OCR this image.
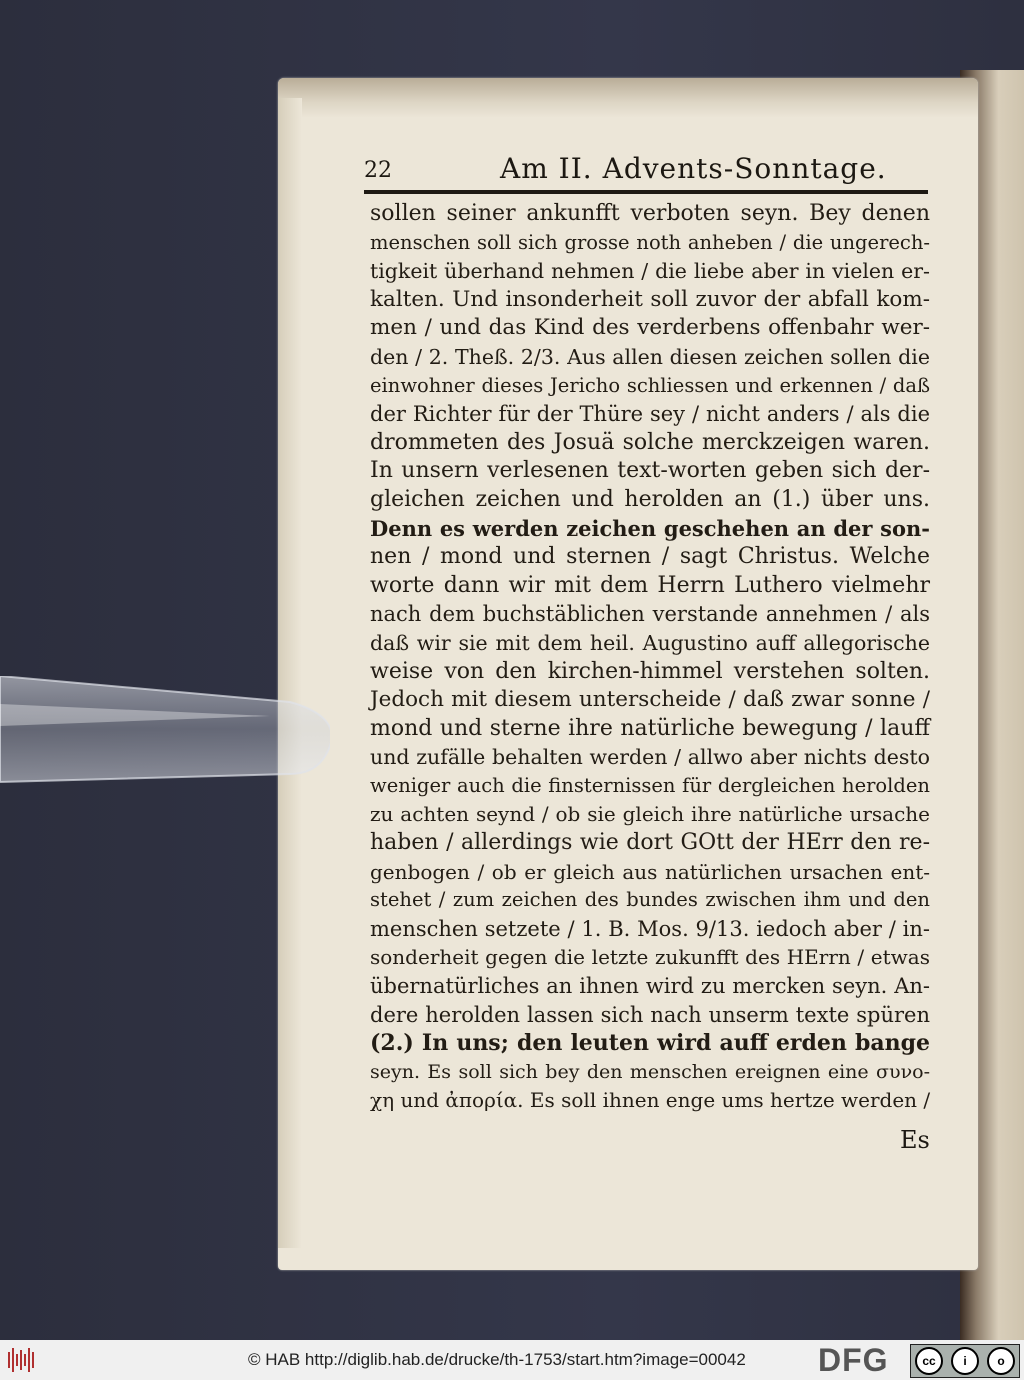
22	Am II. Advents-Sonntage.
sollen seiner ankunfft verboten seyn. Bey denen
menschen soll sich grosse noth anheben / die ungerech-
tigkeit überhand nehmen / die liebe aber in vielen er-
kalten. Und insonderheit soll zuvor der abfall kom-
men / und das Kind des verderbens offenbahr wer-
den / 2. Theß. 2/3. Aus allen diesen zeichen sollen die
einwohner dieses Jericho schliessen und erkennen / daß
der Richter für der Thüre sey / nicht anders / als die
drommeten des Josuä solche merckzeigen waren.
In unsern verlesenen text-worten geben sich der-
gleichen zeichen und herolden an (1.) über uns.
Denn es werden zeichen geschehen an der son-
nen / mond und sternen / sagt Christus. Welche
worte dann wir mit dem Herrn Luthero vielmehr
nach dem buchstäblichen verstande annehmen / als
daß wir sie mit dem heil. Augustino auff allegorische
weise von den kirchen-himmel verstehen solten.
Jedoch mit diesem unterscheide / daß zwar sonne /
mond und sterne ihre natürliche bewegung / lauff
und zufälle behalten werden / allwo aber nichts desto
weniger auch die finsternissen für dergleichen herolden
zu achten seynd / ob sie gleich ihre natürliche ursache
haben / allerdings wie dort GOtt der HErr den re-
genbogen / ob er gleich aus natürlichen ursachen ent-
stehet / zum zeichen des bundes zwischen ihm und den
menschen setzete / 1. B. Mos. 9/13. iedoch aber / in-
sonderheit gegen die letzte zukunfft des HErrn / etwas
übernatürliches an ihnen wird zu mercken seyn. An-
dere herolden lassen sich nach unserm texte spüren
(2.) In uns; den leuten wird auff erden bange
seyn. Es soll sich bey den menschen ereignen eine συνο-
χη und ἀπορία. Es soll ihnen enge ums hertze werden /
Es
© HAB http://diglib.hab.de/drucke/th-1753/start.htm?image=00042 DFG	cc	i	o
